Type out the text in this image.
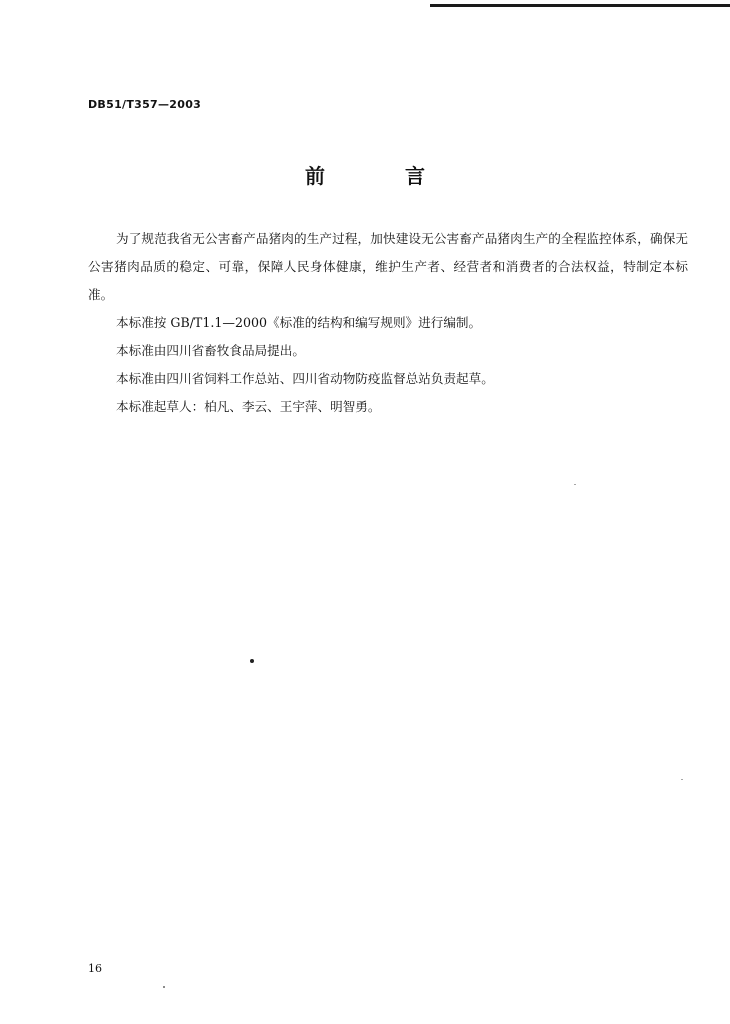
DB51/T357—2003
前　言

为了规范我省无公害畜产品猪肉的生产过程，加快建设无公害畜产品猪肉生产的全程监控体系，确保无公害猪肉品质的稳定、可靠，保障人民身体健康，维护生产者、经营者和消费者的合法权益，特制定本标准。

本标准按 GB/T1.1—2000《标准的结构和编写规则》进行编制。

本标准由四川省畜牧食品局提出。

本标准由四川省饲料工作总站、四川省动物防疫监督总站负责起草。

本标准起草人：柏凡、李云、王宇萍、明智勇。

16
